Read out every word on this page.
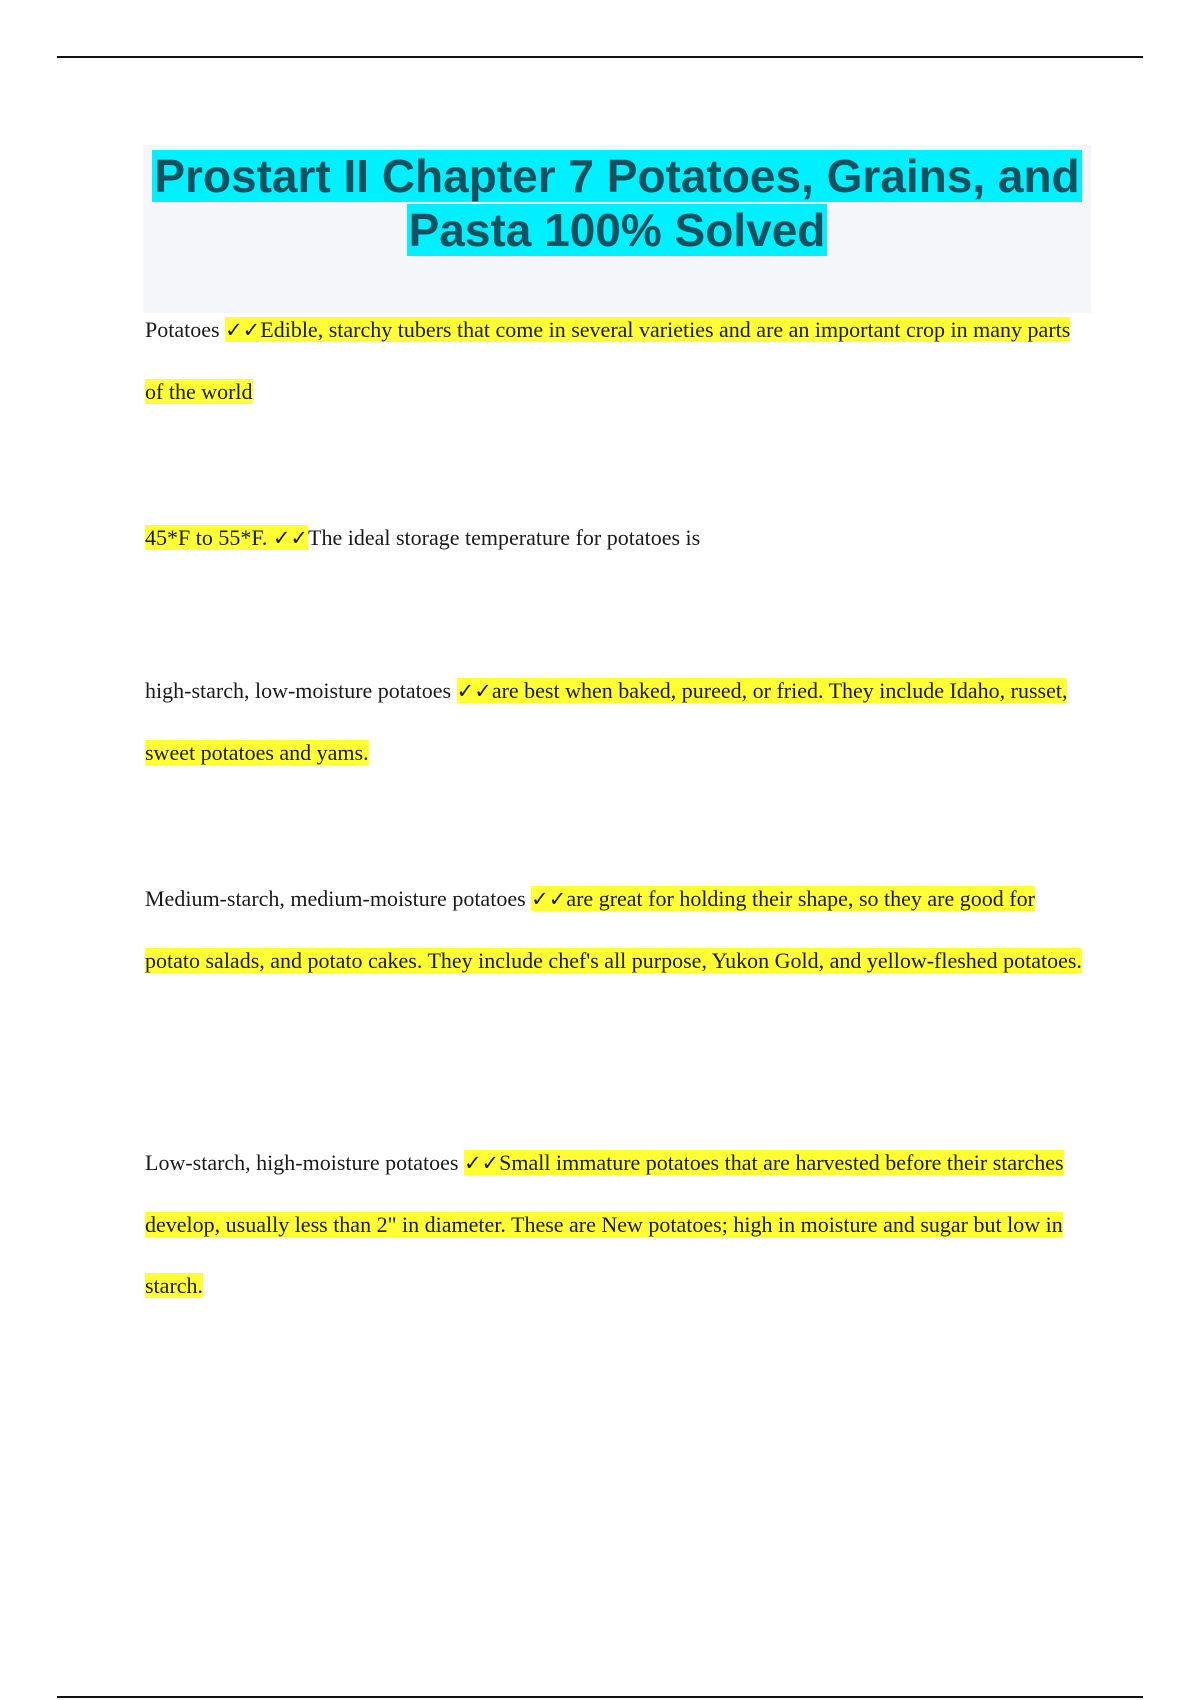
Prostart II Chapter 7 Potatoes, Grains, and Pasta 100% Solved

Potatoes ✓✓Edible, starchy tubers that come in several varieties and are an important crop in many parts of the world

45*F to 55*F. ✓✓The ideal storage temperature for potatoes is

high-starch, low-moisture potatoes ✓✓are best when baked, pureed, or fried. They include Idaho, russet, sweet potatoes and yams.

Medium-starch, medium-moisture potatoes ✓✓are great for holding their shape, so they are good for potato salads, and potato cakes. They include chef's all purpose, Yukon Gold, and yellow-fleshed potatoes.

Low-starch, high-moisture potatoes ✓✓Small immature potatoes that are harvested before their starches develop, usually less than 2" in diameter. These are New potatoes; high in moisture and sugar but low in starch.
